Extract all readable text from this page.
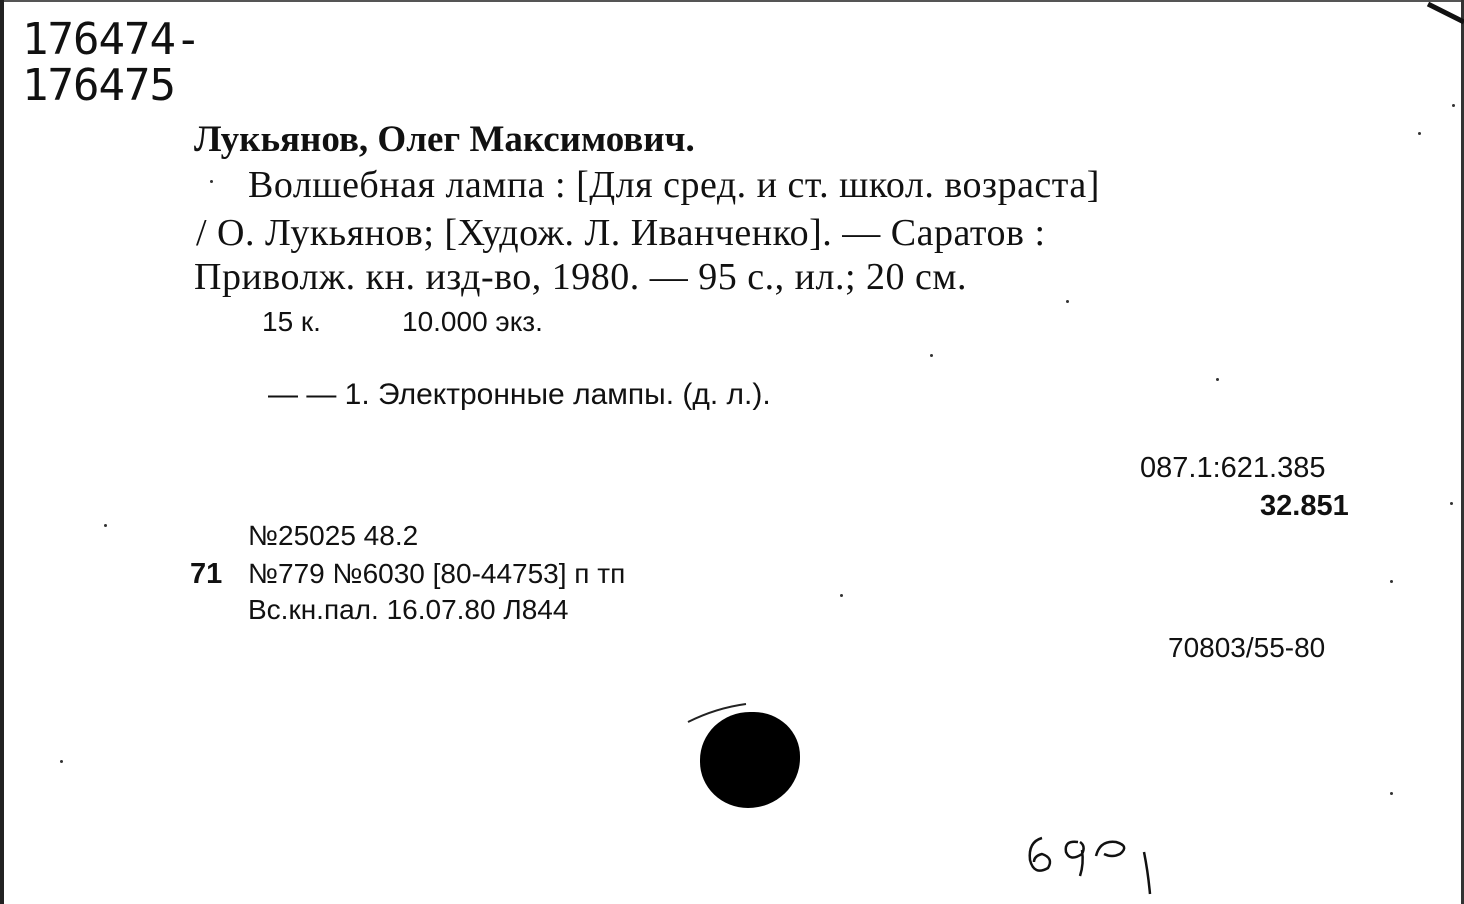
176474-
176475
Лукьянов, Олег Максимович.
Волшебная лампа : [Для сред. и ст. школ. возраста]
/ О. Лукьянов; [Худож. Л. Иванченко]. — Саратов :
Приволж. кн. изд-во, 1980. — 95 с., ил.; 20 см.
15 к.	10.000 экз.
— — 1. Электронные лампы. (д. л.).
087.1:621.385
32.851
№25025 48.2
71 №779 №6030 [80-44753] п тп
Вс.кн.пал. 16.07.80 Л844
70803/55-80
